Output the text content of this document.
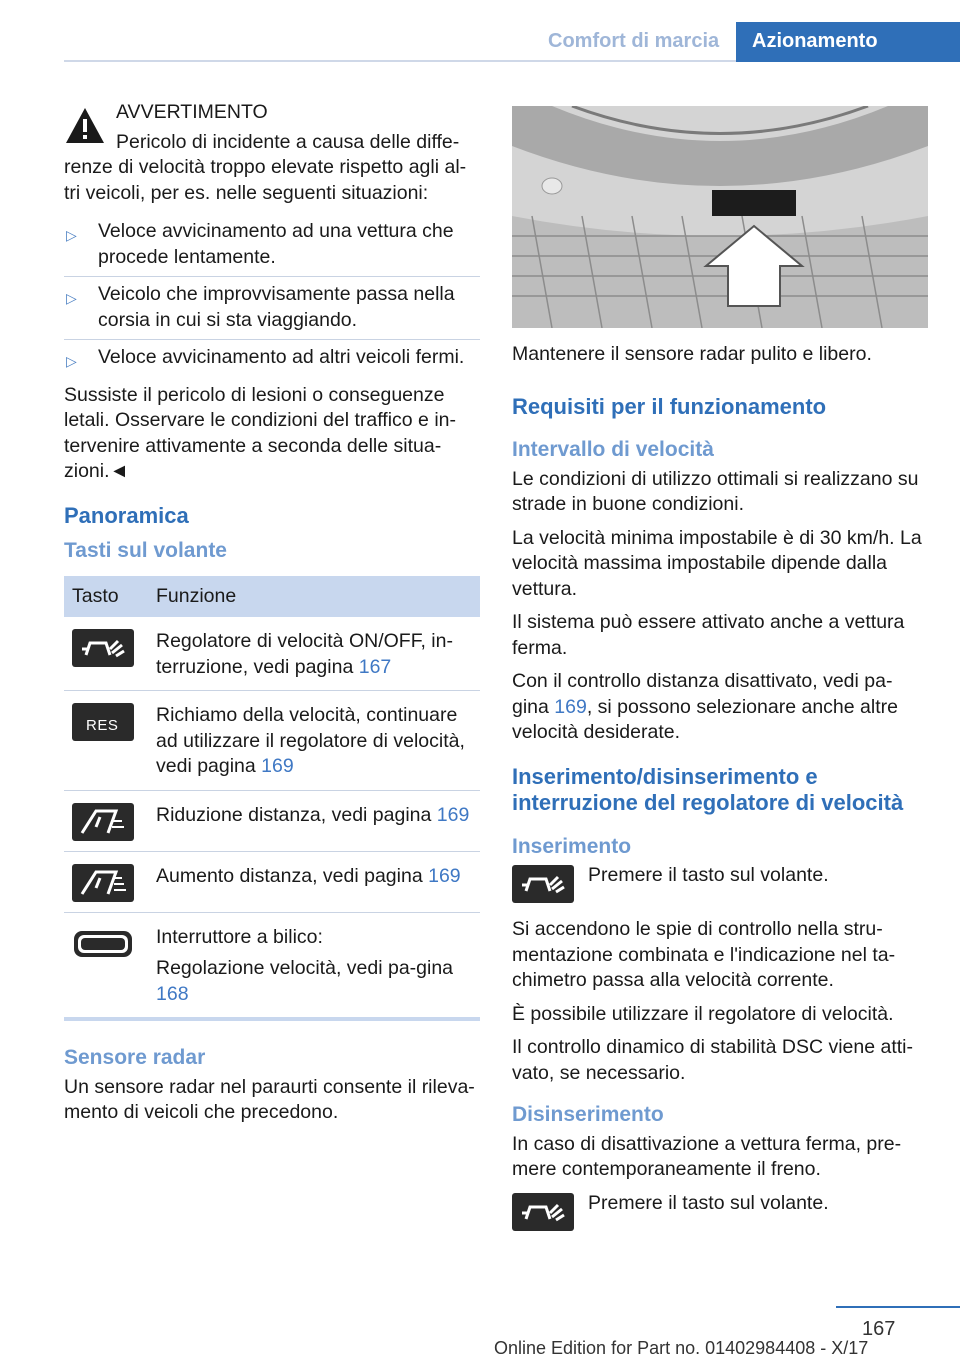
Comfort di marcia	Azionamento

AVVERTIMENTO

Pericolo di incidente a causa delle diffe-

renze di velocità troppo elevate rispetto agli al-tri veicoli, per es. nelle seguenti situazioni:

▷ Veloce avvicinamento ad una vettura che procede lentamente.
▷ Veicolo che improvvisamente passa nella corsia in cui si sta viaggiando.
▷ Veloce avvicinamento ad altri veicoli fermi.

Sussiste il pericolo di lesioni o conseguenze letali. Osservare le condizioni del traffico e in-tervenire attivamente a seconda delle situa-zioni.◄

Panoramica
Tasti sul volante
Tasto	Funzione

	Regolatore di velocità ON/OFF, in-terruzione, vedi pagina 167

RES	Richiamo della velocità, continuare ad utilizzare il regolatore di velocità, vedi pagina 169

	Riduzione distanza, vedi pagina 169

	Aumento distanza, vedi pagina 169

Interruttore a bilico:

Regolazione velocità, vedi pa-gina 168
Sensore radar

Un sensore radar nel paraurti consente il rileva-mento di veicoli che precedono.

Mantenere il sensore radar pulito e libero.

Requisiti per il funzionamento
Intervallo di velocità

Le condizioni di utilizzo ottimali si realizzano su strade in buone condizioni.

La velocità minima impostabile è di 30 km/h. La velocità massima impostabile dipende dalla vettura.

Il sistema può essere attivato anche a vettura ferma.

Con il controllo distanza disattivato, vedi pa-gina 169, si possono selezionare anche altre velocità desiderate.

Inserimento/disinserimento e interruzione del regolatore di velocità
Inserimento
Premere il tasto sul volante.

Si accendono le spie di controllo nella stru-mentazione combinata e l'indicazione nel ta-chimetro passa alla velocità corrente.

È possibile utilizzare il regolatore di velocità.

Il controllo dinamico di stabilità DSC viene atti-vato, se necessario.

Disinserimento

In caso di disattivazione a vettura ferma, pre-mere contemporaneamente il freno.

Premere il tasto sul volante.
167
Online Edition for Part no. 01402984408 - X/17
